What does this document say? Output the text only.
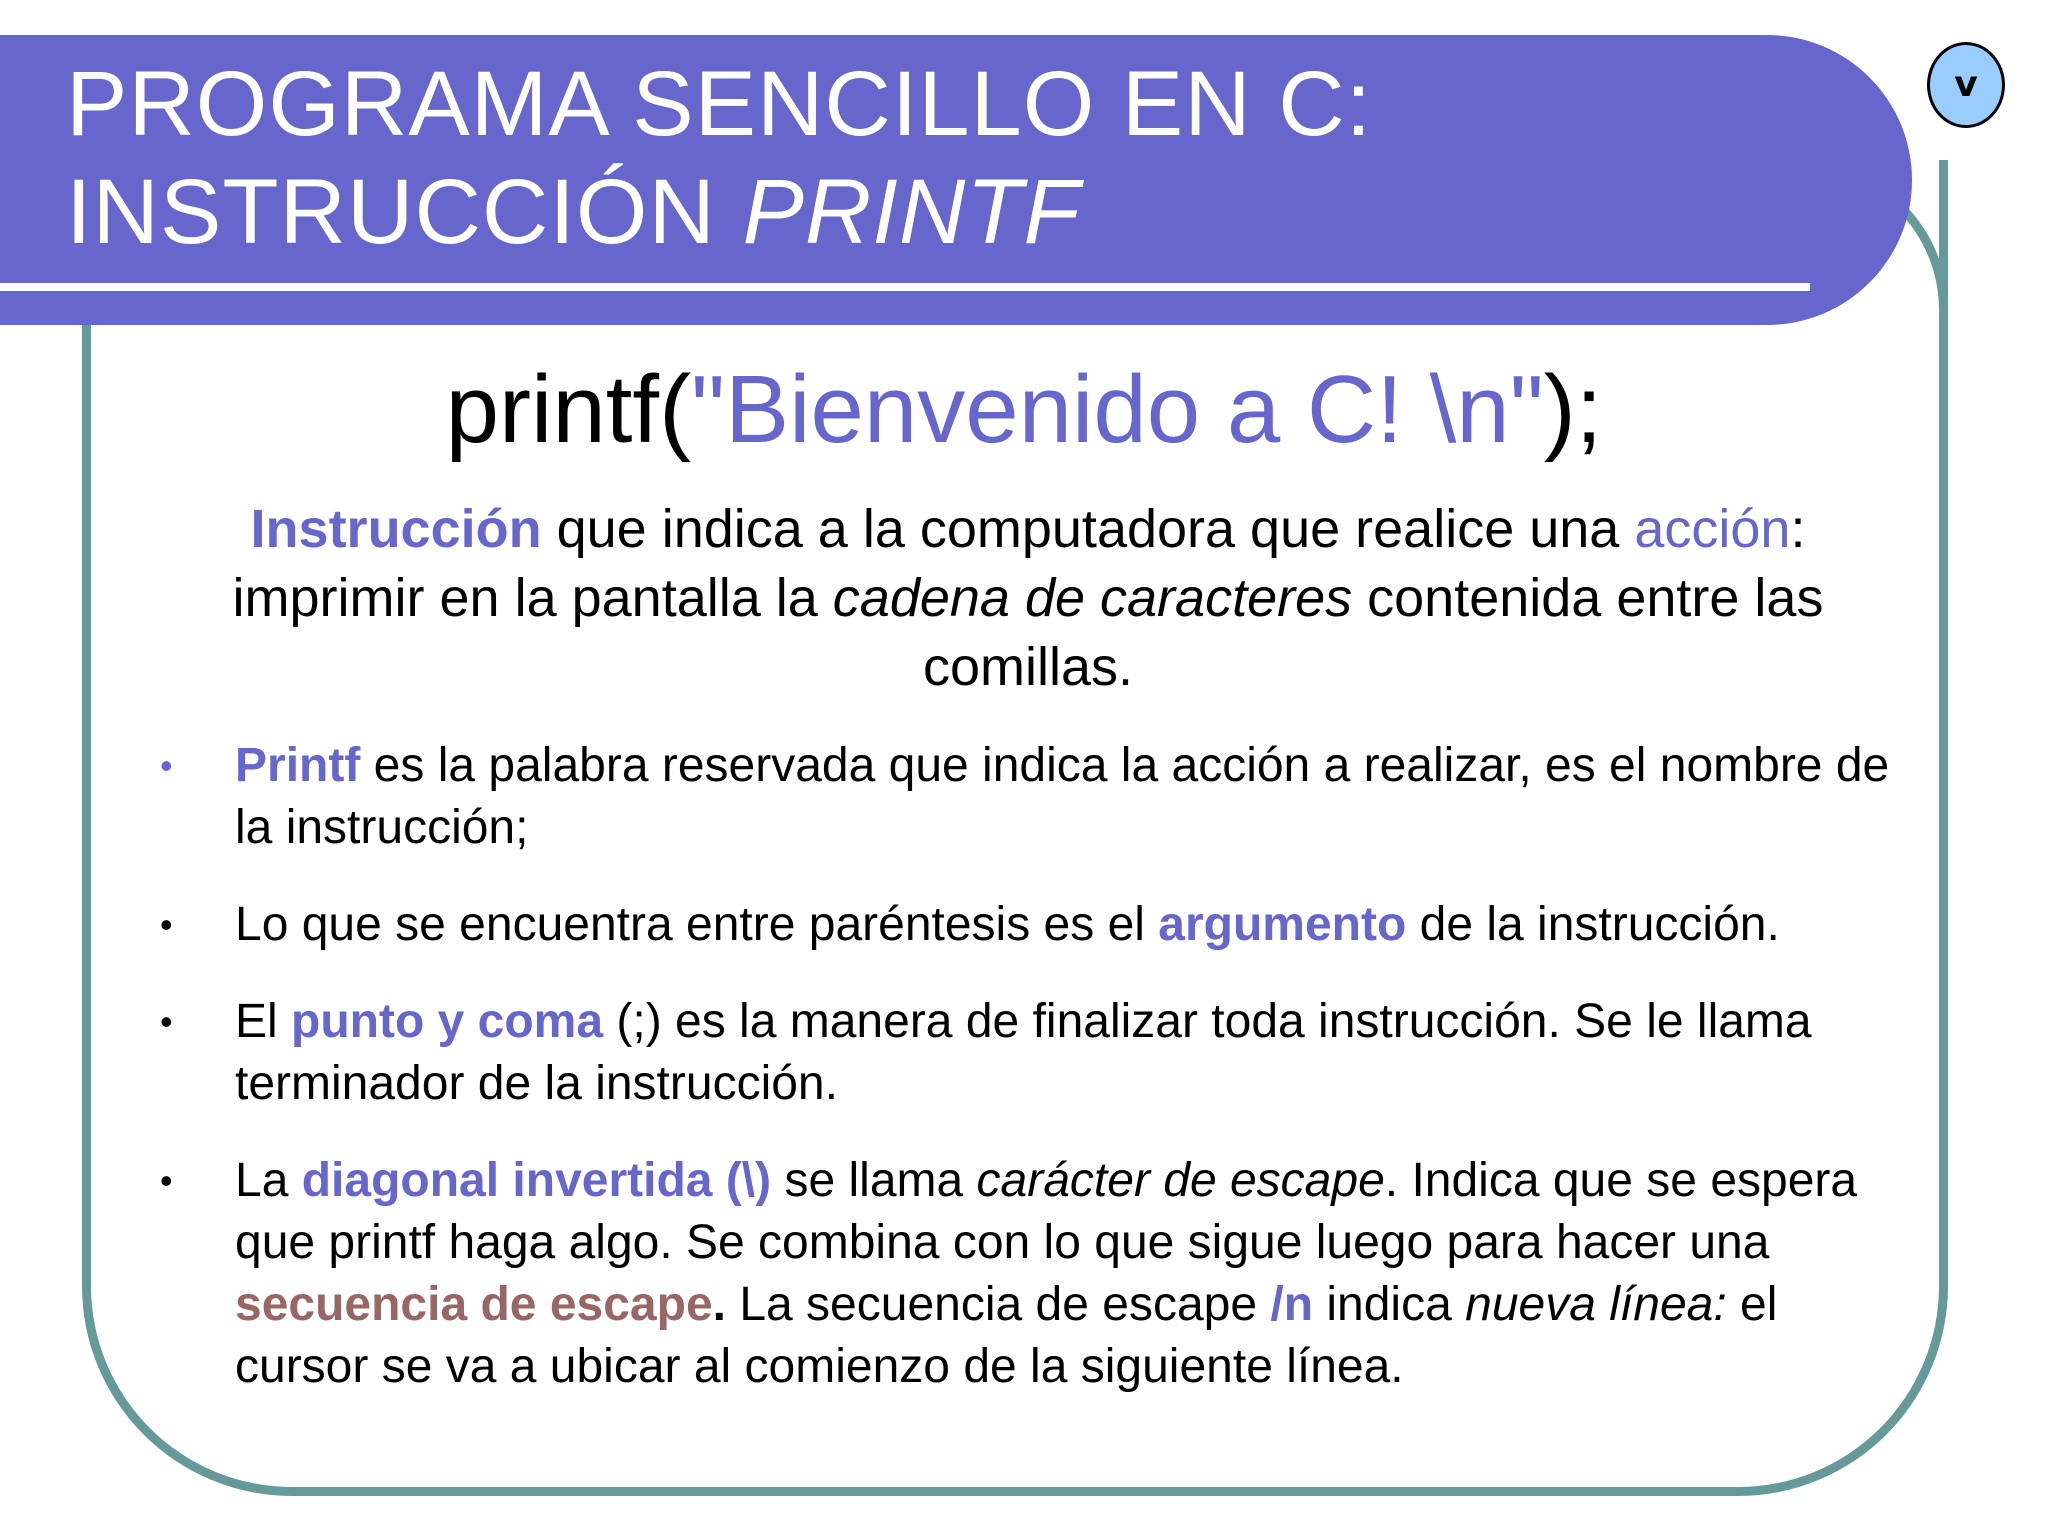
PROGRAMA SENCILLO EN C:
INSTRUCCIÓN PRINTF
v
printf("Bienvenido a C! \n");
Instrucción que indica a la computadora que realice una acción: imprimir en la pantalla la cadena de caracteres contenida entre las comillas.
• Printf es la palabra reservada que indica la acción a realizar, es el nombre de la instrucción;
• Lo que se encuentra entre paréntesis es el argumento de la instrucción.
• El punto y coma (;) es la manera de finalizar toda instrucción. Se le llama terminador de la instrucción.
• La diagonal invertida (\) se llama carácter de escape. Indica que se espera que printf haga algo. Se combina con lo que sigue luego para hacer una secuencia de escape. La secuencia de escape /n indica nueva línea: el cursor se va a ubicar al comienzo de la siguiente línea.
